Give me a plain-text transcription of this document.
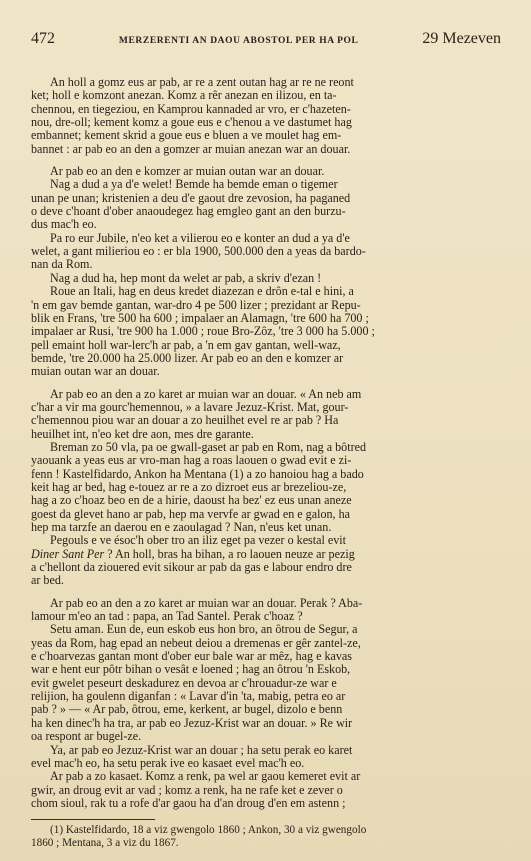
472	MERZERENTI AN DAOU ABOSTOL PER HA POL	29 Mezeven
An holl a gomz eus ar pab, ar re a zent outan hag ar re ne reont
ket; holl e komzont anezan. Komz a rêr anezan en ilizou, en ta-
chennou, en tiegeziou, en Kamprou kannaded ar vro, er c'hazeten-
nou, dre-oll; kement komz a goue eus e c'henou a ve dastumet hag
embannet; kement skrid a goue eus e bluen a ve moulet hag em-
bannet : ar pab eo an den a gomzer ar muian anezan war an douar.
Ar pab eo an den e komzer ar muian outan war an douar.
Nag a dud a ya d'e welet! Bemde ha bemde eman o tigemer
unan pe unan; kristenien a deu d'e gaout dre zevosion, ha paganed
o deve c'hoant d'ober anaoudegez hag emgleo gant an den burzu-
dus mac'h eo.
Pa ro eur Jubile, n'eo ket a vilierou eo e konter an dud a ya d'e
welet, a gant milieriou eo : er bla 1900, 500.000 den a yeas da bardo-
nan da Rom.
Nag a dud ha, hep mont da welet ar pab, a skriv d'ezan !
Roue an Itali, hag en deus kredet diazezan e drôn e-tal e hini, a
'n em gav bemde gantan, war-dro 4 pe 500 lizer ; prezidant ar Repu-
blik en Frans, 'tre 500 ha 600 ; impalaer an Alamagn, 'tre 600 ha 700 ;
impalaer ar Rusi, 'tre 900 ha 1.000 ; roue Bro-Zôz, 'tre 3 000 ha 5.000 ;
pell emaint holl war-lerc'h ar pab, a 'n em gav gantan, well-waz,
bemde, 'tre 20.000 ha 25.000 lizer. Ar pab eo an den e komzer ar
muian outan war an douar.
Ar pab eo an den a zo karet ar muian war an douar. « An neb am
c'har a vir ma gourc'hemennou, » a lavare Jezuz-Krist. Mat, gour-
c'hemennou piou war an douar a zo heuilhet evel re ar pab ? Ha
heuilhet int, n'eo ket dre aon, mes dre garante.
Breman zo 50 vla, pa oe gwall-gaset ar pab en Rom, nag a bôtred
yaouank a yeas eus ar vro-man hag a roas laouen o gwad evit e zi-
fenn ! Kastelfidardo, Ankon ha Mentana (1) a zo hanoiou hag a bado
keit hag ar bed, hag e-touez ar re a zo dizroet eus ar brezeliou-ze,
hag a zo c'hoaz beo en de a hirie, daoust ha bez' ez eus unan aneze
goest da glevet hano ar pab, hep ma vervfe ar gwad en e galon, ha
hep ma tarzfe an daerou en e zaoulagad ? Nan, n'eus ket unan.
Pegouls e ve ésoc'h ober tro an iliz eget pa vezer o kestal evit
Diner Sant Per ? An holl, bras ha bihan, a ro laouen neuze ar pezig
a c'hellont da ziouered evit sikour ar pab da gas e labour endro dre
ar bed.
Ar pab eo an den a zo karet ar muian war an douar. Perak ? Aba-
lamour m'eo an tad : papa, an Tad Santel. Perak c'hoaz ?
Setu aman. Eun de, eun eskob eus hon bro, an ôtrou de Segur, a
yeas da Rom, hag epad an nebeut deiou a dremenas er gêr zantel-ze,
e c'hoarvezas gantan mont d'ober eur bale war ar mêz, hag e kavas
war e hent eur pôtr bihan o vesât e loened ; hag an ôtrou 'n Eskob,
evit gwelet peseurt deskadurez en devoa ar c'hrouadur-ze war e
relijion, ha goulenn diganfan : « Lavar d'in 'ta, mabig, petra eo ar
pab ? » — « Ar pab, ôtrou, eme, kerkent, ar bugel, dizolo e benn
ha ken dinec'h ha tra, ar pab eo Jezuz-Krist war an douar. » Re wir
oa respont ar bugel-ze.
Ya, ar pab eo Jezuz-Krist war an douar ; ha setu perak eo karet
evel mac'h eo, ha setu perak ive eo kasaet evel mac'h eo.
Ar pab a zo kasaet. Komz a renk, pa wel ar gaou kemeret evit ar
gwir, an droug evit ar vad ; komz a renk, ha ne rafe ket e zever o
chom sioul, rak tu a rofe d'ar gaou ha d'an droug d'en em astenn ;
(1) Kastelfidardo, 18 a viz gwengolo 1860 ; Ankon, 30 a viz gwengolo
1860 ; Mentana, 3 a viz du 1867.
